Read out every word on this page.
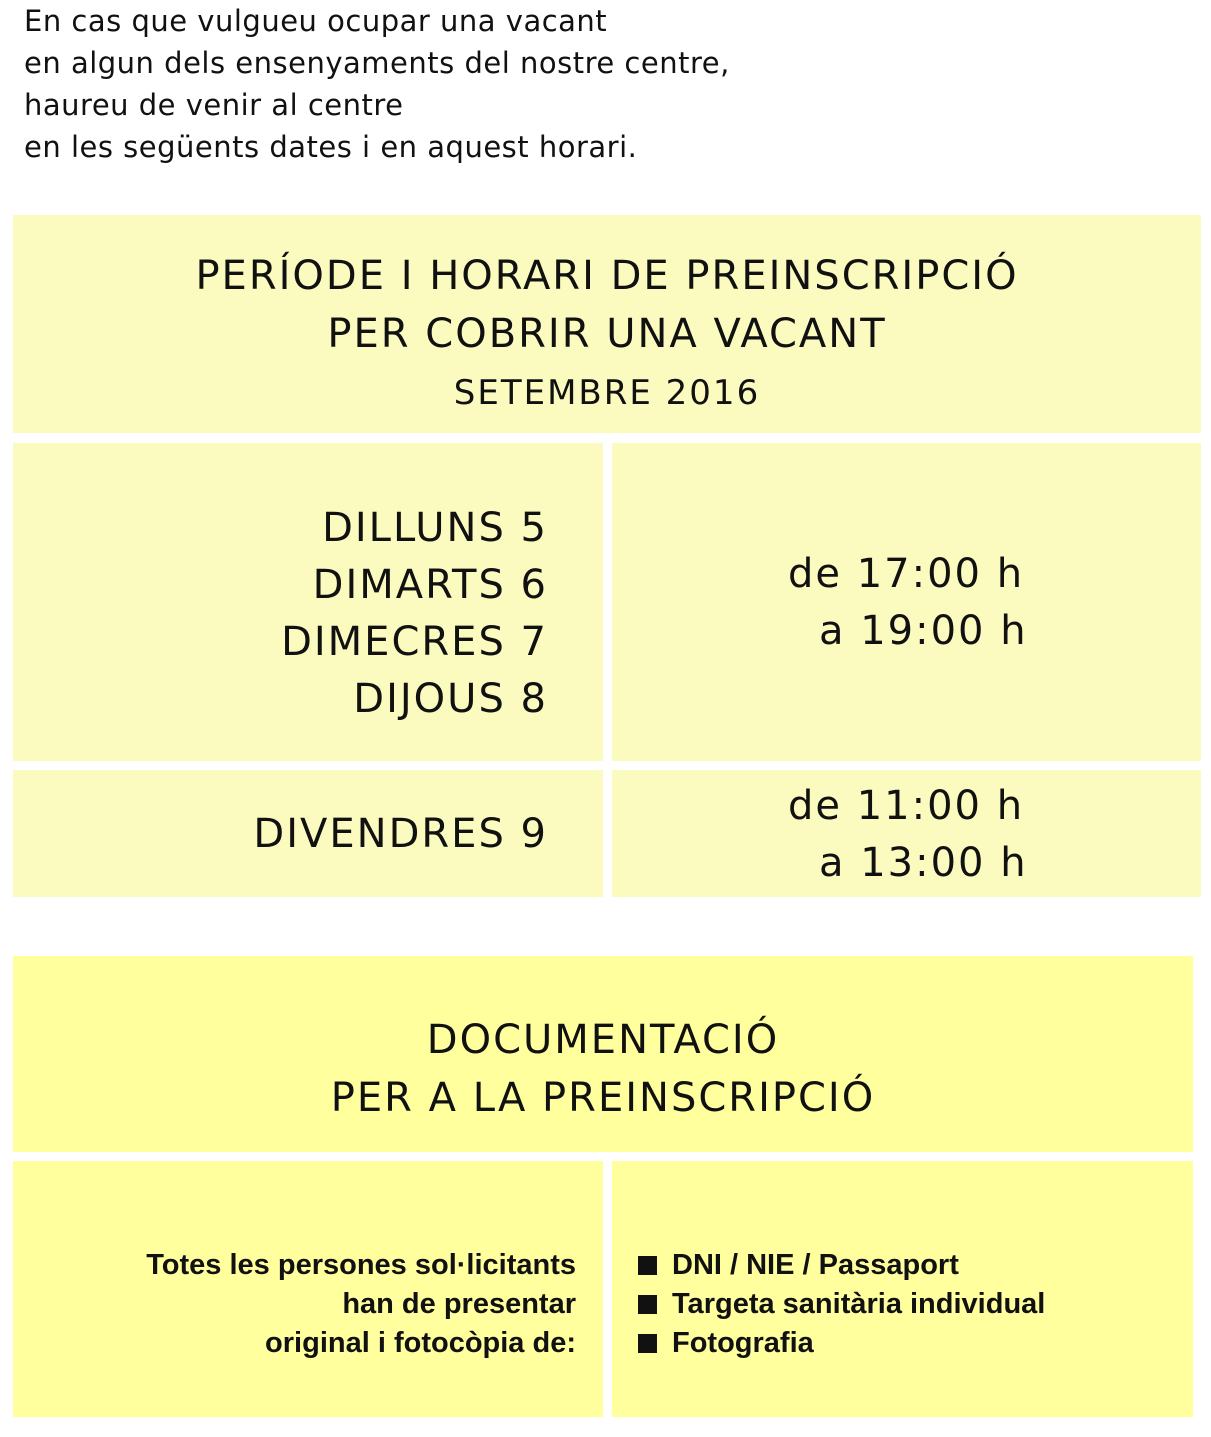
En cas que vulgueu ocupar una vacant
en algun dels ensenyaments del nostre centre,
haureu de venir al centre
en les següents dates i en aquest horari.
PERÍODE I HORARI DE PREINSCRIPCIÓ
PER COBRIR UNA VACANT
SETEMBRE 2016
DILLUNS 5
DIMARTS 6
DIMECRES 7
DIJOUS 8
de 17:00 h
a 19:00 h
DIVENDRES 9
de 11:00 h
a 13:00 h
DOCUMENTACIÓ
PER A LA PREINSCRIPCIÓ
Totes les persones sol·licitants
han de presentar
original i fotocòpia de:
DNI / NIE / Passaport
Targeta sanitària individual
Fotografia
